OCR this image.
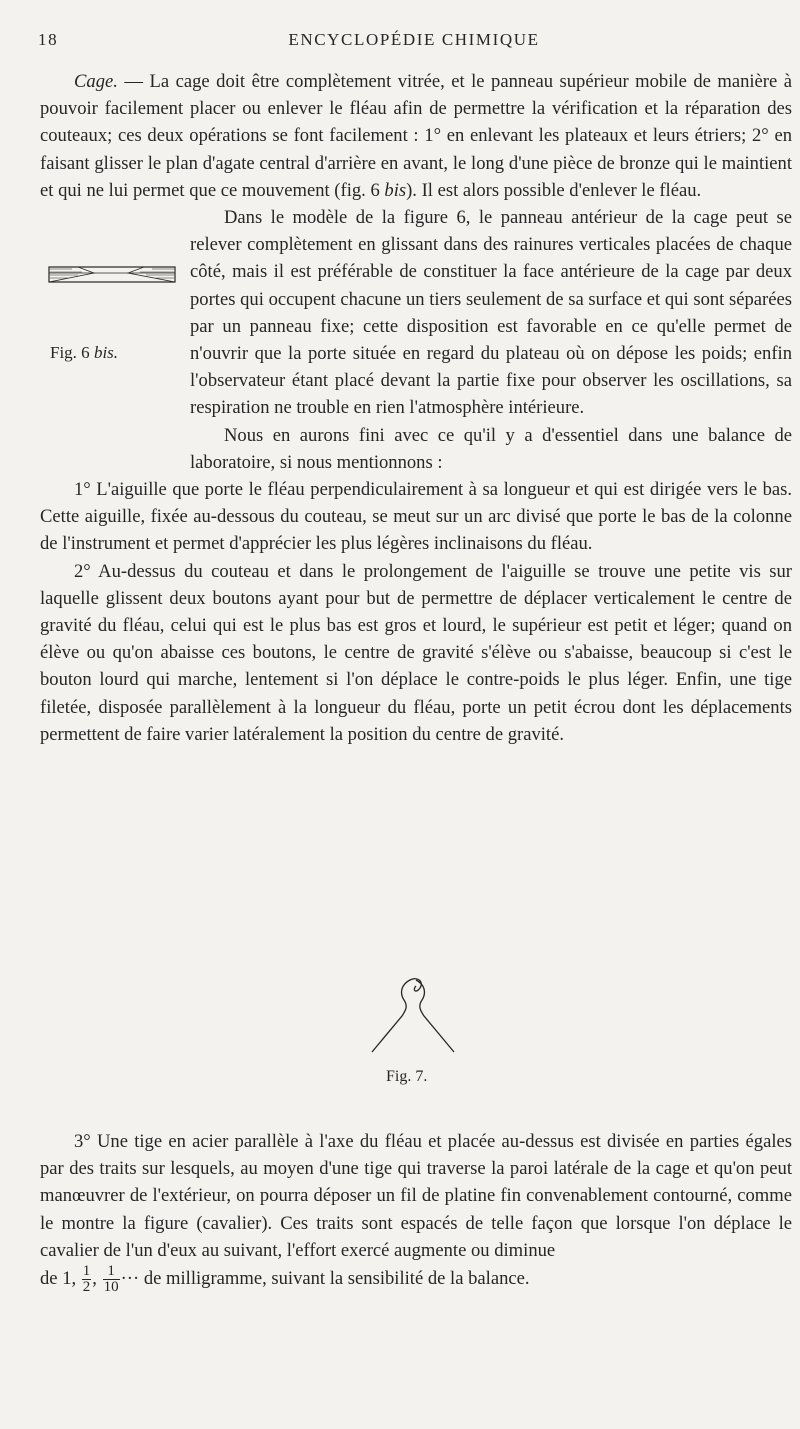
18	ENCYCLOPÉDIE CHIMIQUE

Cage. — La cage doit être complètement vitrée, et le panneau supérieur mobile de manière à pouvoir facilement placer ou enlever le fléau afin de permettre la vérification et la réparation des couteaux; ces deux opérations se font facilement : 1° en enlevant les plateaux et leurs étriers; 2° en faisant glisser le plan d'agate central d'arrière en avant, le long d'une pièce de bronze qui le maintient et qui ne lui permet que ce mouvement (fig. 6 bis). Il est alors possible d'enlever le fléau.

Fig. 6 bis.
Dans le modèle de la figure 6, le panneau antérieur de la cage peut se relever complètement en glissant dans des rainures verticales placées de chaque côté, mais il est préférable de constituer la face antérieure de la cage par deux portes qui occupent chacune un tiers seulement de sa surface et qui sont séparées par un panneau fixe; cette disposition est favorable en ce qu'elle permet de n'ouvrir que la porte située en regard du plateau où on dépose les poids; enfin l'observateur étant placé devant la partie fixe pour observer les oscillations, sa respiration ne trouble en rien l'atmosphère intérieure.

Nous en aurons fini avec ce qu'il y a d'essentiel dans une balance de laboratoire, si nous mentionnons :

1° L'aiguille que porte le fléau perpendiculairement à sa longueur et qui est dirigée vers le bas. Cette aiguille, fixée au-dessous du couteau, se meut sur un arc divisé que porte le bas de la colonne de l'instrument et permet d'apprécier les plus légères inclinaisons du fléau.

2° Au-dessus du couteau et dans le prolongement de l'aiguille se trouve une petite vis sur laquelle glissent deux boutons ayant pour but de permettre de déplacer verticalement le centre de gravité du fléau, celui qui est le plus bas est gros et lourd, le supérieur est petit et léger; quand on élève ou qu'on abaisse ces boutons, le centre de gravité s'élève ou s'abaisse, beaucoup si c'est le bouton lourd qui marche, lentement si l'on déplace le contre-poids le plus léger. Enfin, une tige filetée, disposée parallèlement à la longueur du fléau, porte un petit écrou dont les déplacements permettent de faire varier latéralement la position du centre de gravité.

Fig. 7.

3° Une tige en acier parallèle à l'axe du fléau et placée au-dessus est divisée en parties égales par des traits sur lesquels, au moyen d'une tige qui traverse la paroi latérale de la cage et qu'on peut manœuvrer de l'extérieur, on pourra déposer un fil de platine fin convenablement contourné, comme le montre la figure (cavalier). Ces traits sont espacés de telle façon que lorsque l'on déplace le cavalier de l'un d'eux au suivant, l'effort exercé augmente ou diminue

de 1, $\frac{1}{2}$ , $\frac{1}{10}$ ··· de milligramme, suivant la sensibilité de la balance.
